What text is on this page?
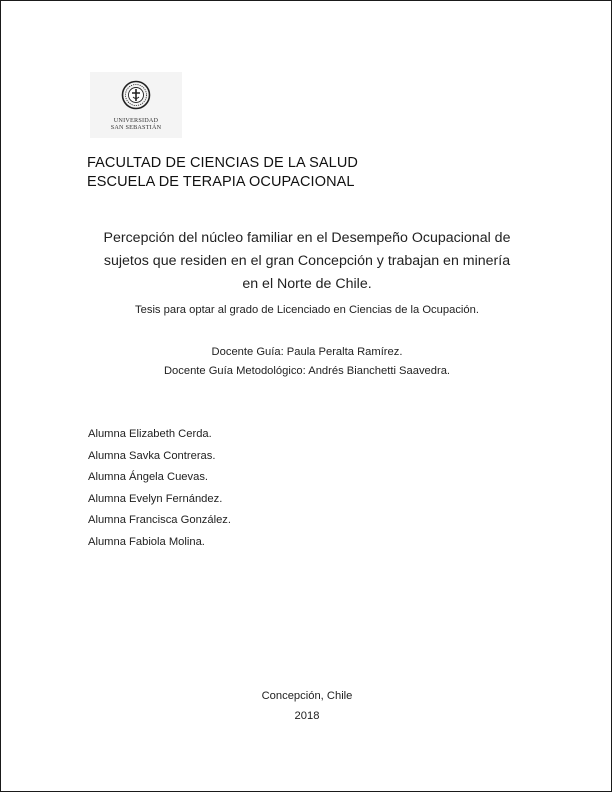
UNIVERSIDAD
SAN SEBASTIÁN
FACULTAD DE CIENCIAS DE LA SALUD
ESCUELA DE TERAPIA OCUPACIONAL
Percepción del núcleo familiar en el Desempeño Ocupacional de
sujetos que residen en el gran Concepción y trabajan en minería
en el Norte de Chile.
Tesis para optar al grado de Licenciado en Ciencias de la Ocupación.
Docente Guía: Paula Peralta Ramírez.
Docente Guía Metodológico: Andrés Bianchetti Saavedra.
Alumna Elizabeth Cerda.
Alumna Savka Contreras.
Alumna Ángela Cuevas.
Alumna Evelyn Fernández.
Alumna Francisca González.
Alumna Fabiola Molina.
Concepción, Chile
2018
